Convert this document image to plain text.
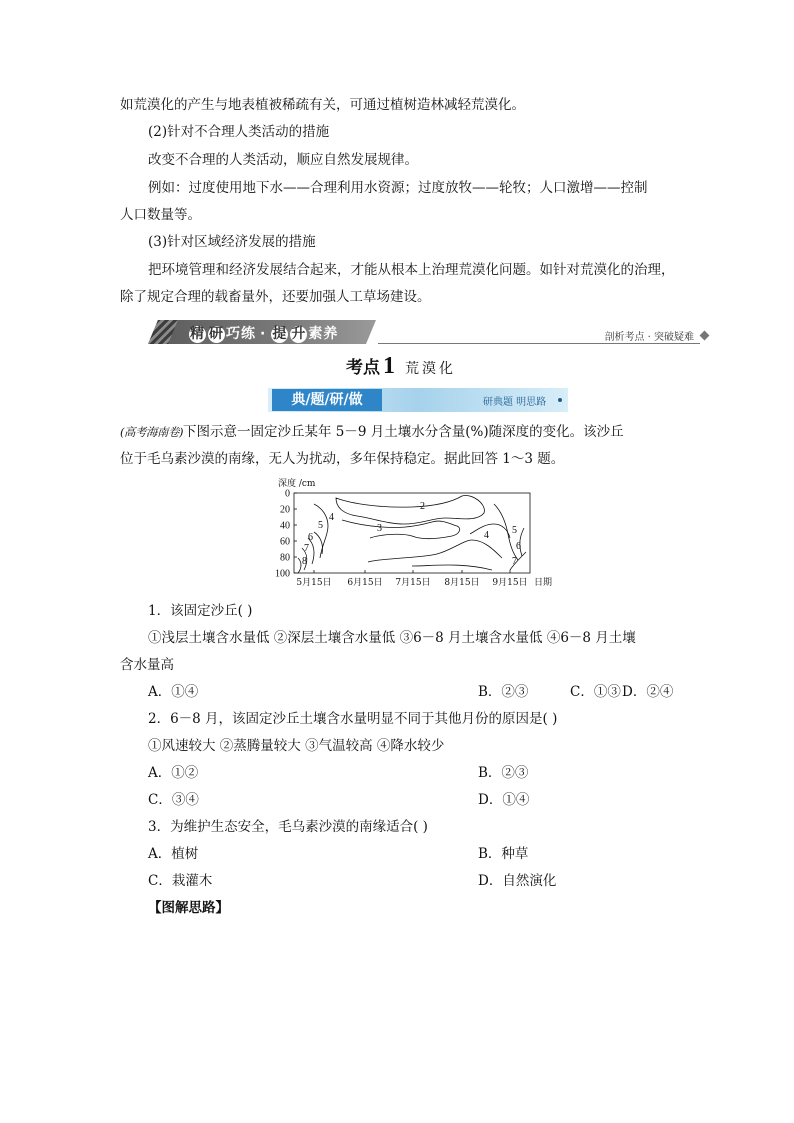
如荒漠化的产生与地表植被稀疏有关，可通过植树造林减轻荒漠化。
(2)针对不合理人类活动的措施
改变不合理的人类活动，顺应自然发展规律。
例如：过度使用地下水——合理利用水资源；过度放牧——轮牧；人口激增——控制
人口数量等。
(3)针对区域经济发展的措施
把环境管理和经济发展结合起来，才能从根本上治理荒漠化问题。如针对荒漠化的治理，
除了规定合理的载畜量外，还要加强人工草场建设。
精 研 巧练 · 提 升 素养	剖析考点 · 突破疑难
考点 1 荒漠化
典/题/研/做	研典题 明思路
(高考海南卷)下图示意一固定沙丘某年 5－9 月土壤水分含量(%)随深度的变化。该沙丘
位于毛乌素沙漠的南缘，无人为扰动，多年保持稳定。据此回答 1～3 题。
深度 /cm
0
20
40
60
80
100
5月15日 6月15日 7月15日 8月15日 9月15日 日期
2
3
4
4 5
5
6
6
7
7
8
1．该固定沙丘( )
①浅层土壤含水量低 ②深层土壤含水量低 ③6－8 月土壤含水量低 ④6－8 月土壤
含水量高
A．①④	B．②③	C．①③ D．②④
2．6－8 月，该固定沙丘土壤含水量明显不同于其他月份的原因是( )
①风速较大 ②蒸腾量较大 ③气温较高 ④降水较少
A．①②	B．②③
C．③④	D．①④
3．为维护生态安全，毛乌素沙漠的南缘适合( )
A．植树	B．种草
C．栽灌木	D．自然演化
【图解思路】
